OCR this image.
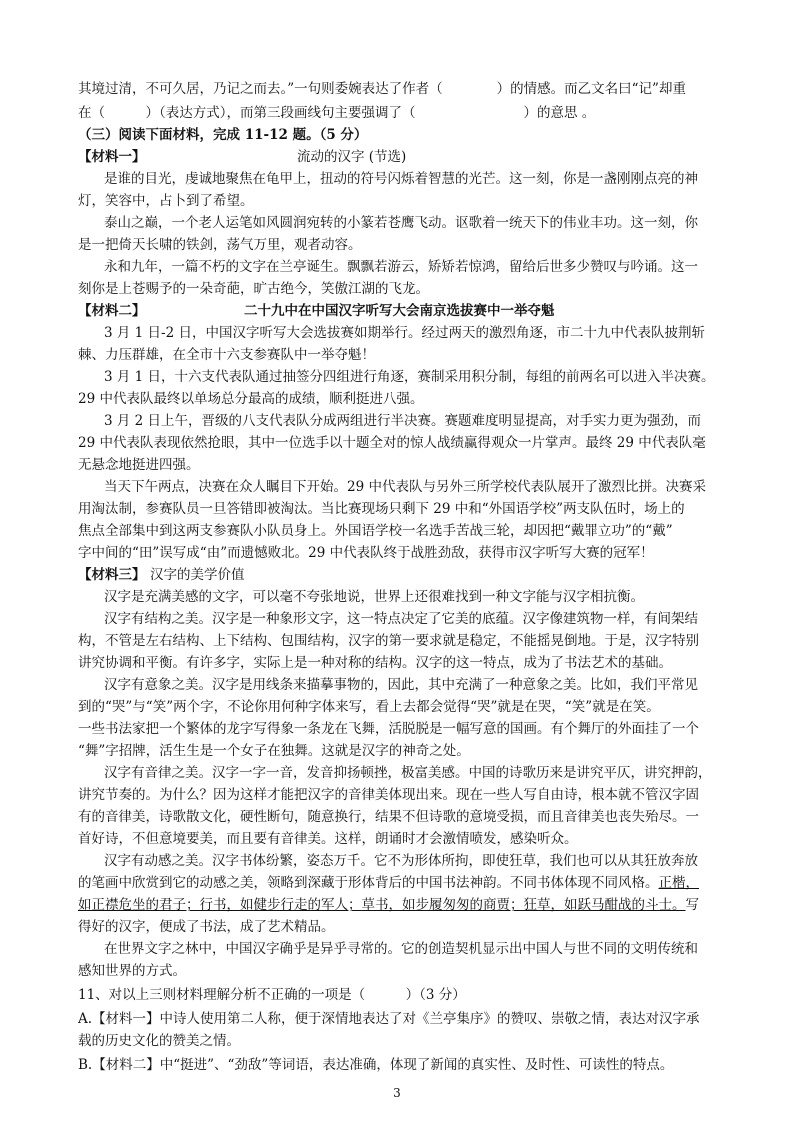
其境过清，不可久居，乃记之而去。”一句则委婉表达了作者（　　　　）的情感。而乙文名曰“记”却重
在（　　　）（表达方式），而第三段画线句主要强调了（　　　　　　　　）的意思 。
（三）阅读下面材料，完成 11-12 题。（5 分）
【材料一】	流动的汉字 (节选)
是谁的目光，虔诚地聚焦在龟甲上，扭动的符号闪烁着智慧的光芒。这一刻，你是一盏刚刚点亮的神
灯，笑容中，占卜到了希望。
泰山之巅，一个老人运笔如风圆润宛转的小篆若苍鹰飞动。讴歌着一统天下的伟业丰功。这一刻，你
是一把倚天长啸的铁剑，荡气万里，观者动容。
永和九年，一篇不朽的文字在兰亭诞生。飘飘若游云，矫矫若惊鸿，留给后世多少赞叹与吟诵。这一
刻你是上苍赐予的一朵奇葩，旷古绝今，笑傲江湖的飞龙。
【材料二】	二十九中在中国汉字听写大会南京选拔赛中一举夺魁
3 月 1 日-2 日，中国汉字听写大会选拔赛如期举行。经过两天的激烈角逐，市二十九中代表队披荆斩
棘、力压群雄，在全市十六支参赛队中一举夺魁！
3 月 1 日，十六支代表队通过抽签分四组进行角逐，赛制采用积分制，每组的前两名可以进入半决赛。
29 中代表队最终以单场总分最高的成绩，顺利挺进八强。
3 月 2 日上午，晋级的八支代表队分成两组进行半决赛。赛题难度明显提高，对手实力更为强劲，而
29 中代表队表现依然抢眼，其中一位选手以十题全对的惊人战绩赢得观众一片掌声。最终 29 中代表队毫
无悬念地挺进四强。
当天下午两点，决赛在众人瞩目下开始。29 中代表队与另外三所学校代表队展开了激烈比拼。决赛采
用淘汰制，参赛队员一旦答错即被淘汰。当比赛现场只剩下 29 中和“外国语学校”两支队伍时，场上的
焦点全部集中到这两支参赛队小队员身上。外国语学校一名选手苦战三轮，却因把“戴罪立功”的“戴”
字中间的“田”误写成“由”而遗憾败北。29 中代表队终于战胜劲敌，获得市汉字听写大赛的冠军！
【材料三】 汉字的美学价值
汉字是充满美感的文字，可以毫不夸张地说，世界上还很难找到一种文字能与汉字相抗衡。
汉字有结构之美。汉字是一种象形文字，这一特点决定了它美的底蕴。汉字像建筑物一样，有间架结
构，不管是左右结构、上下结构、包围结构，汉字的第一要求就是稳定，不能摇晃倒地。于是，汉字特别
讲究协调和平衡。有许多字，实际上是一种对称的结构。汉字的这一特点，成为了书法艺术的基础。
汉字有意象之美。汉字是用线条来描摹事物的，因此，其中充满了一种意象之美。比如，我们平常见
到的“哭”与“笑”两个字，不论你用何种字体来写，看上去都会觉得“哭”就是在哭，“笑”就是在笑。
一些书法家把一个繁体的龙字写得象一条龙在飞舞，活脱脱是一幅写意的国画。有个舞厅的外面挂了一个
“舞”字招牌，活生生是一个女子在独舞。这就是汉字的神奇之处。
汉字有音律之美。汉字一字一音，发音抑扬顿挫，极富美感。中国的诗歌历来是讲究平仄，讲究押韵，
讲究节奏的。为什么？因为这样才能把汉字的音律美体现出来。现在一些人写自由诗，根本就不管汉字固
有的音律美，诗歌散文化，硬性断句，随意换行，结果不但诗歌的意境受损，而且音律美也丧失殆尽。一
首好诗，不但意境要美，而且要有音律美。这样，朗诵时才会激情喷发，感染听众。
汉字有动感之美。汉字书体纷繁，姿态万千。它不为形体所拘，即使狂草，我们也可以从其狂放奔放
的笔画中欣赏到它的动感之美，领略到深藏于形体背后的中国书法神韵。不同书体体现不同风格。正楷，
如正襟危坐的君子；行书，如健步行走的军人；草书，如步履匆匆的商贾；狂草，如跃马酣战的斗士。写
得好的汉字，便成了书法，成了艺术精品。
在世界文字之林中，中国汉字确乎是异乎寻常的。它的创造契机显示出中国人与世不同的文明传统和
感知世界的方式。
11、对以上三则材料理解分析不正确的一项是（　　　）（3 分）
A.【材料一】中诗人使用第二人称，便于深情地表达了对《兰亭集序》的赞叹、崇敬之情，表达对汉字承
载的历史文化的赞美之情。
B.【材料二】中“挺进”、“劲敌”等词语，表达准确，体现了新闻的真实性、及时性、可读性的特点。
3
